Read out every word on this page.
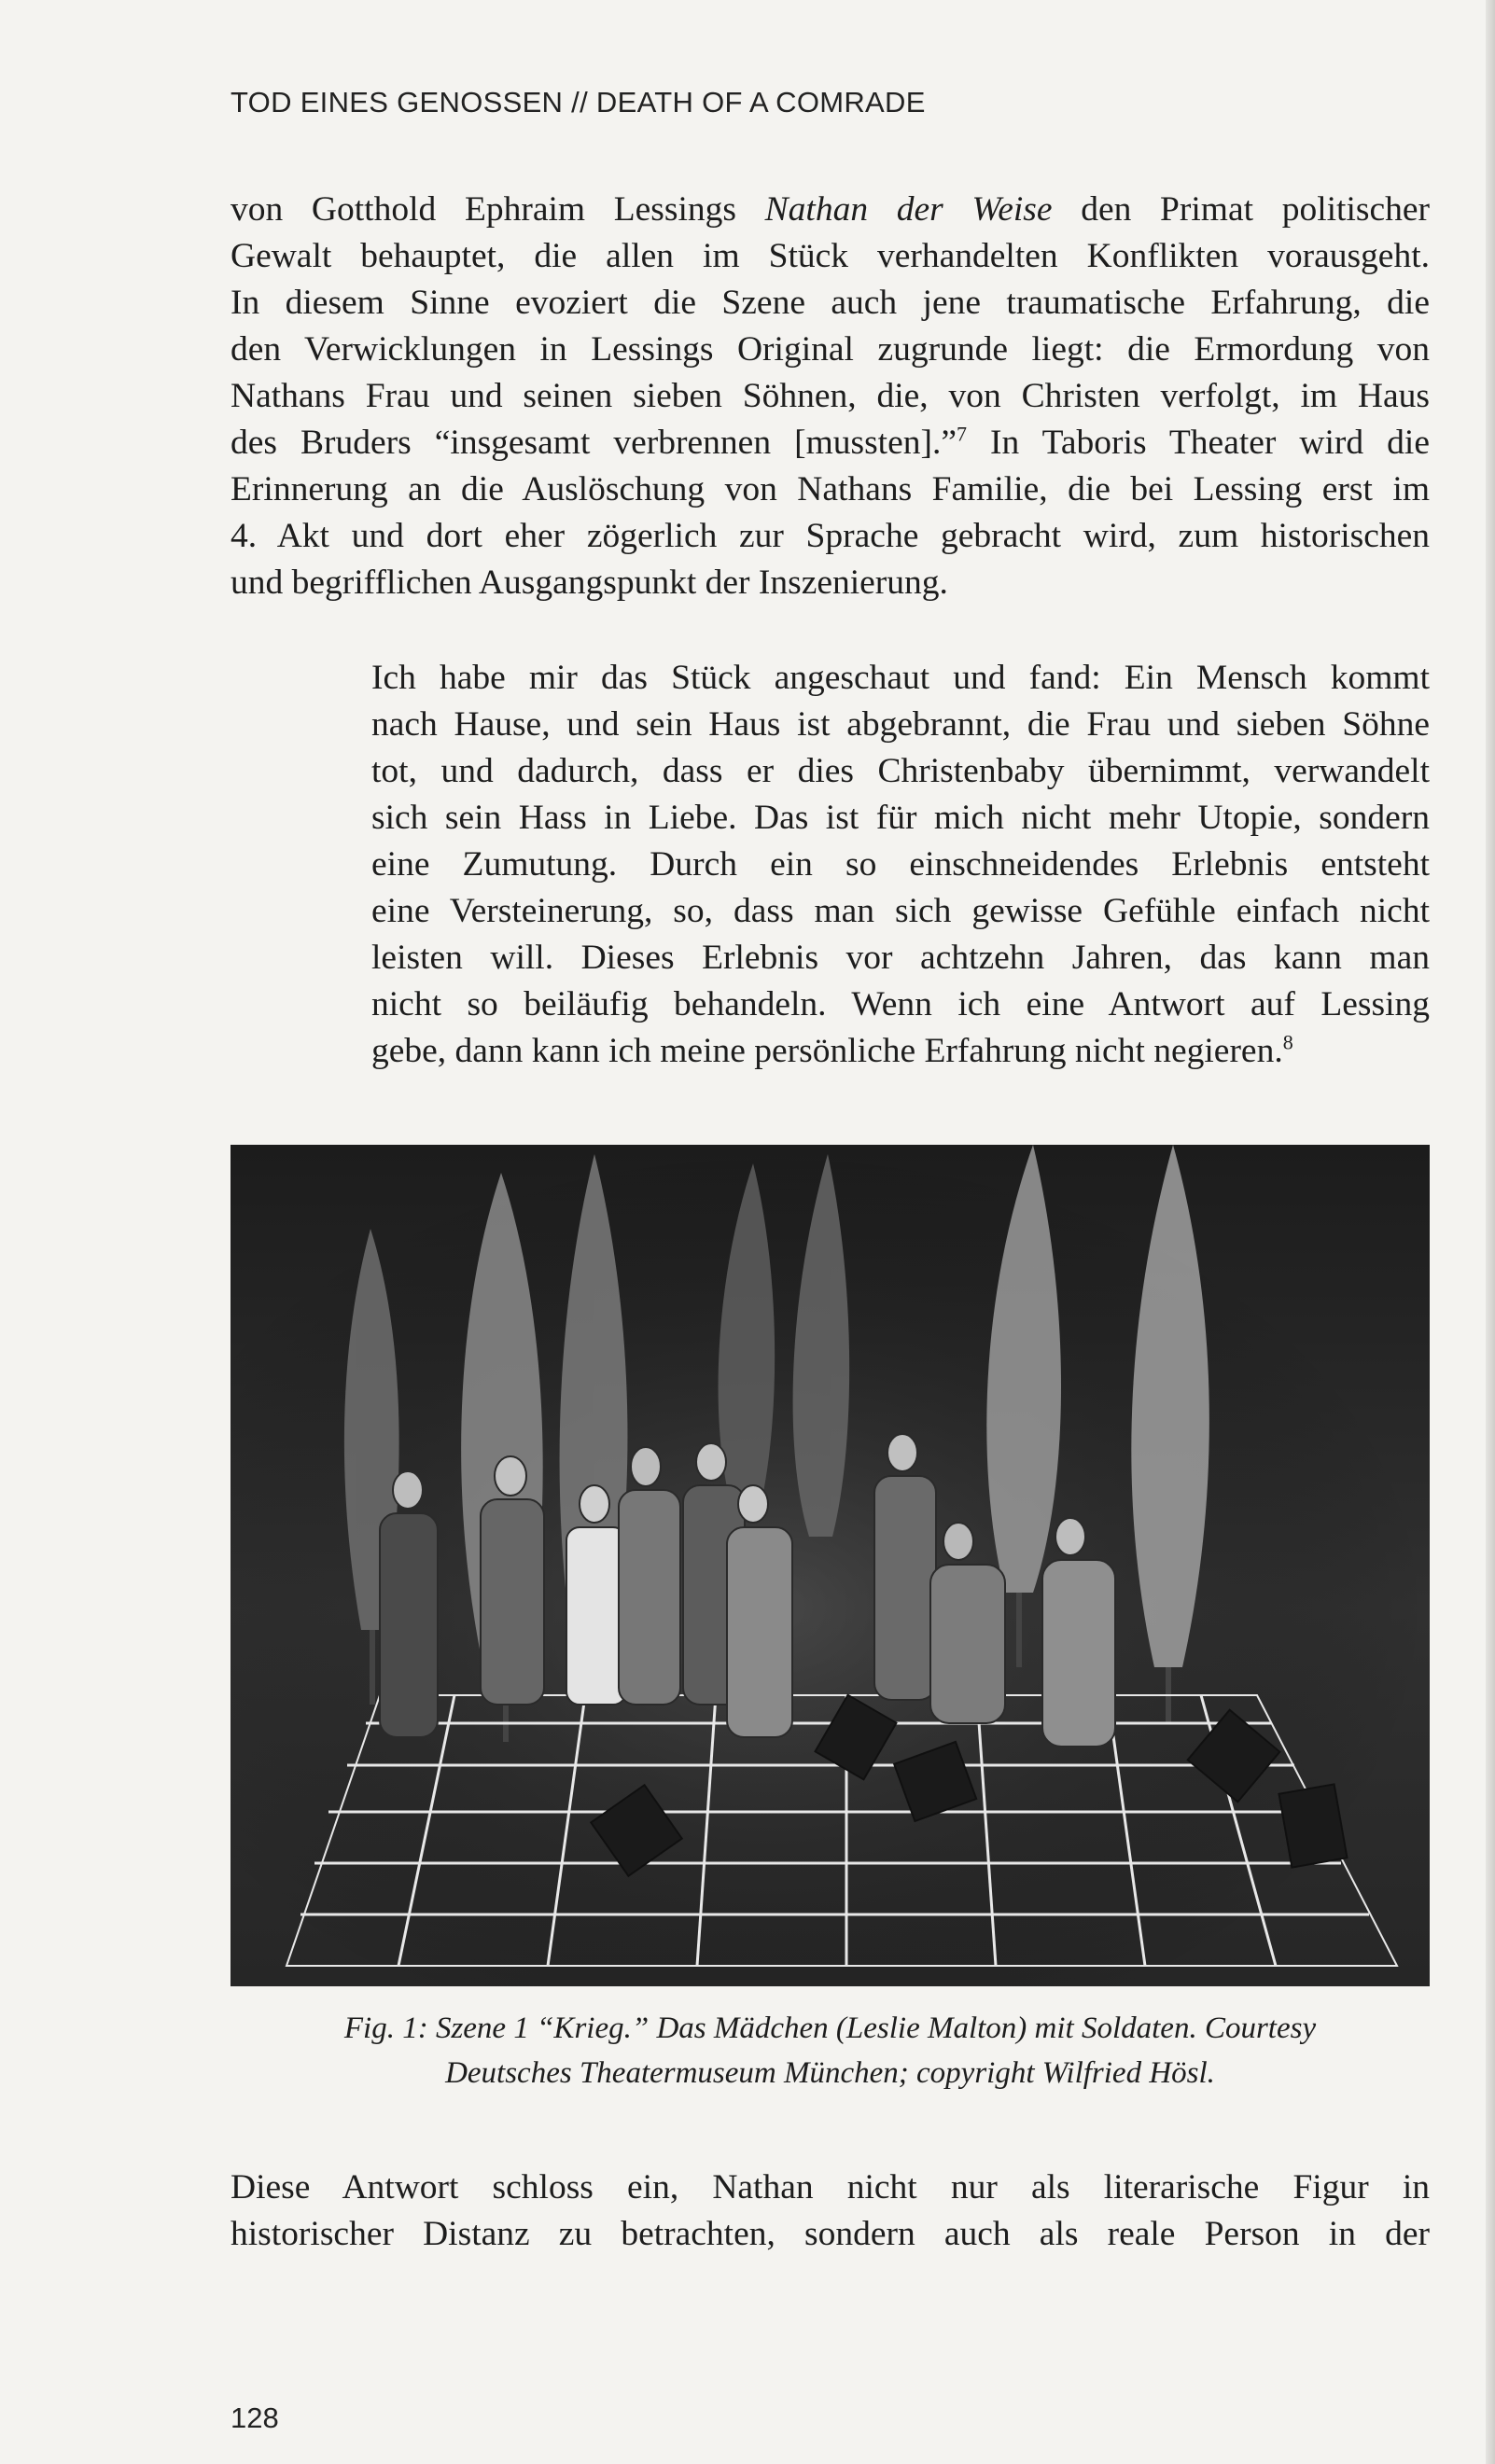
TOD EINES GENOSSEN // DEATH OF A COMRADE
von Gotthold Ephraim Lessings Nathan der Weise den Primat politischer
Gewalt behauptet, die allen im Stück verhandelten Konflikten vorausgeht.
In diesem Sinne evoziert die Szene auch jene traumatische Erfahrung, die
den Verwicklungen in Lessings Original zugrunde liegt: die Ermordung von
Nathans Frau und seinen sieben Söhnen, die, von Christen verfolgt, im Haus
des Bruders “insgesamt verbrennen [mussten].”$^7$ In Taboris Theater wird die
Erinnerung an die Auslöschung von Nathans Familie, die bei Lessing erst im
4. Akt und dort eher zögerlich zur Sprache gebracht wird, zum historischen
und begrifflichen Ausgangspunkt der Inszenierung.
Ich habe mir das Stück angeschaut und fand: Ein Mensch kommt
nach Hause, und sein Haus ist abgebrannt, die Frau und sieben Söhne
tot, und dadurch, dass er dies Christenbaby übernimmt, verwandelt
sich sein Hass in Liebe. Das ist für mich nicht mehr Utopie, sondern
eine Zumutung. Durch ein so einschneidendes Erlebnis entsteht
eine Versteinerung, so, dass man sich gewisse Gefühle einfach nicht
leisten will. Dieses Erlebnis vor achtzehn Jahren, das kann man
nicht so beiläufig behandeln. Wenn ich eine Antwort auf Lessing
gebe, dann kann ich meine persönliche Erfahrung nicht negieren.$^8$
Fig. 1: Szene 1 “Krieg.” Das Mädchen (Leslie Malton) mit Soldaten. Courtesy
Deutsches Theatermuseum München; copyright Wilfried Hösl.
Diese Antwort schloss ein, Nathan nicht nur als literarische Figur in
historischer Distanz zu betrachten, sondern auch als reale Person in der
128
